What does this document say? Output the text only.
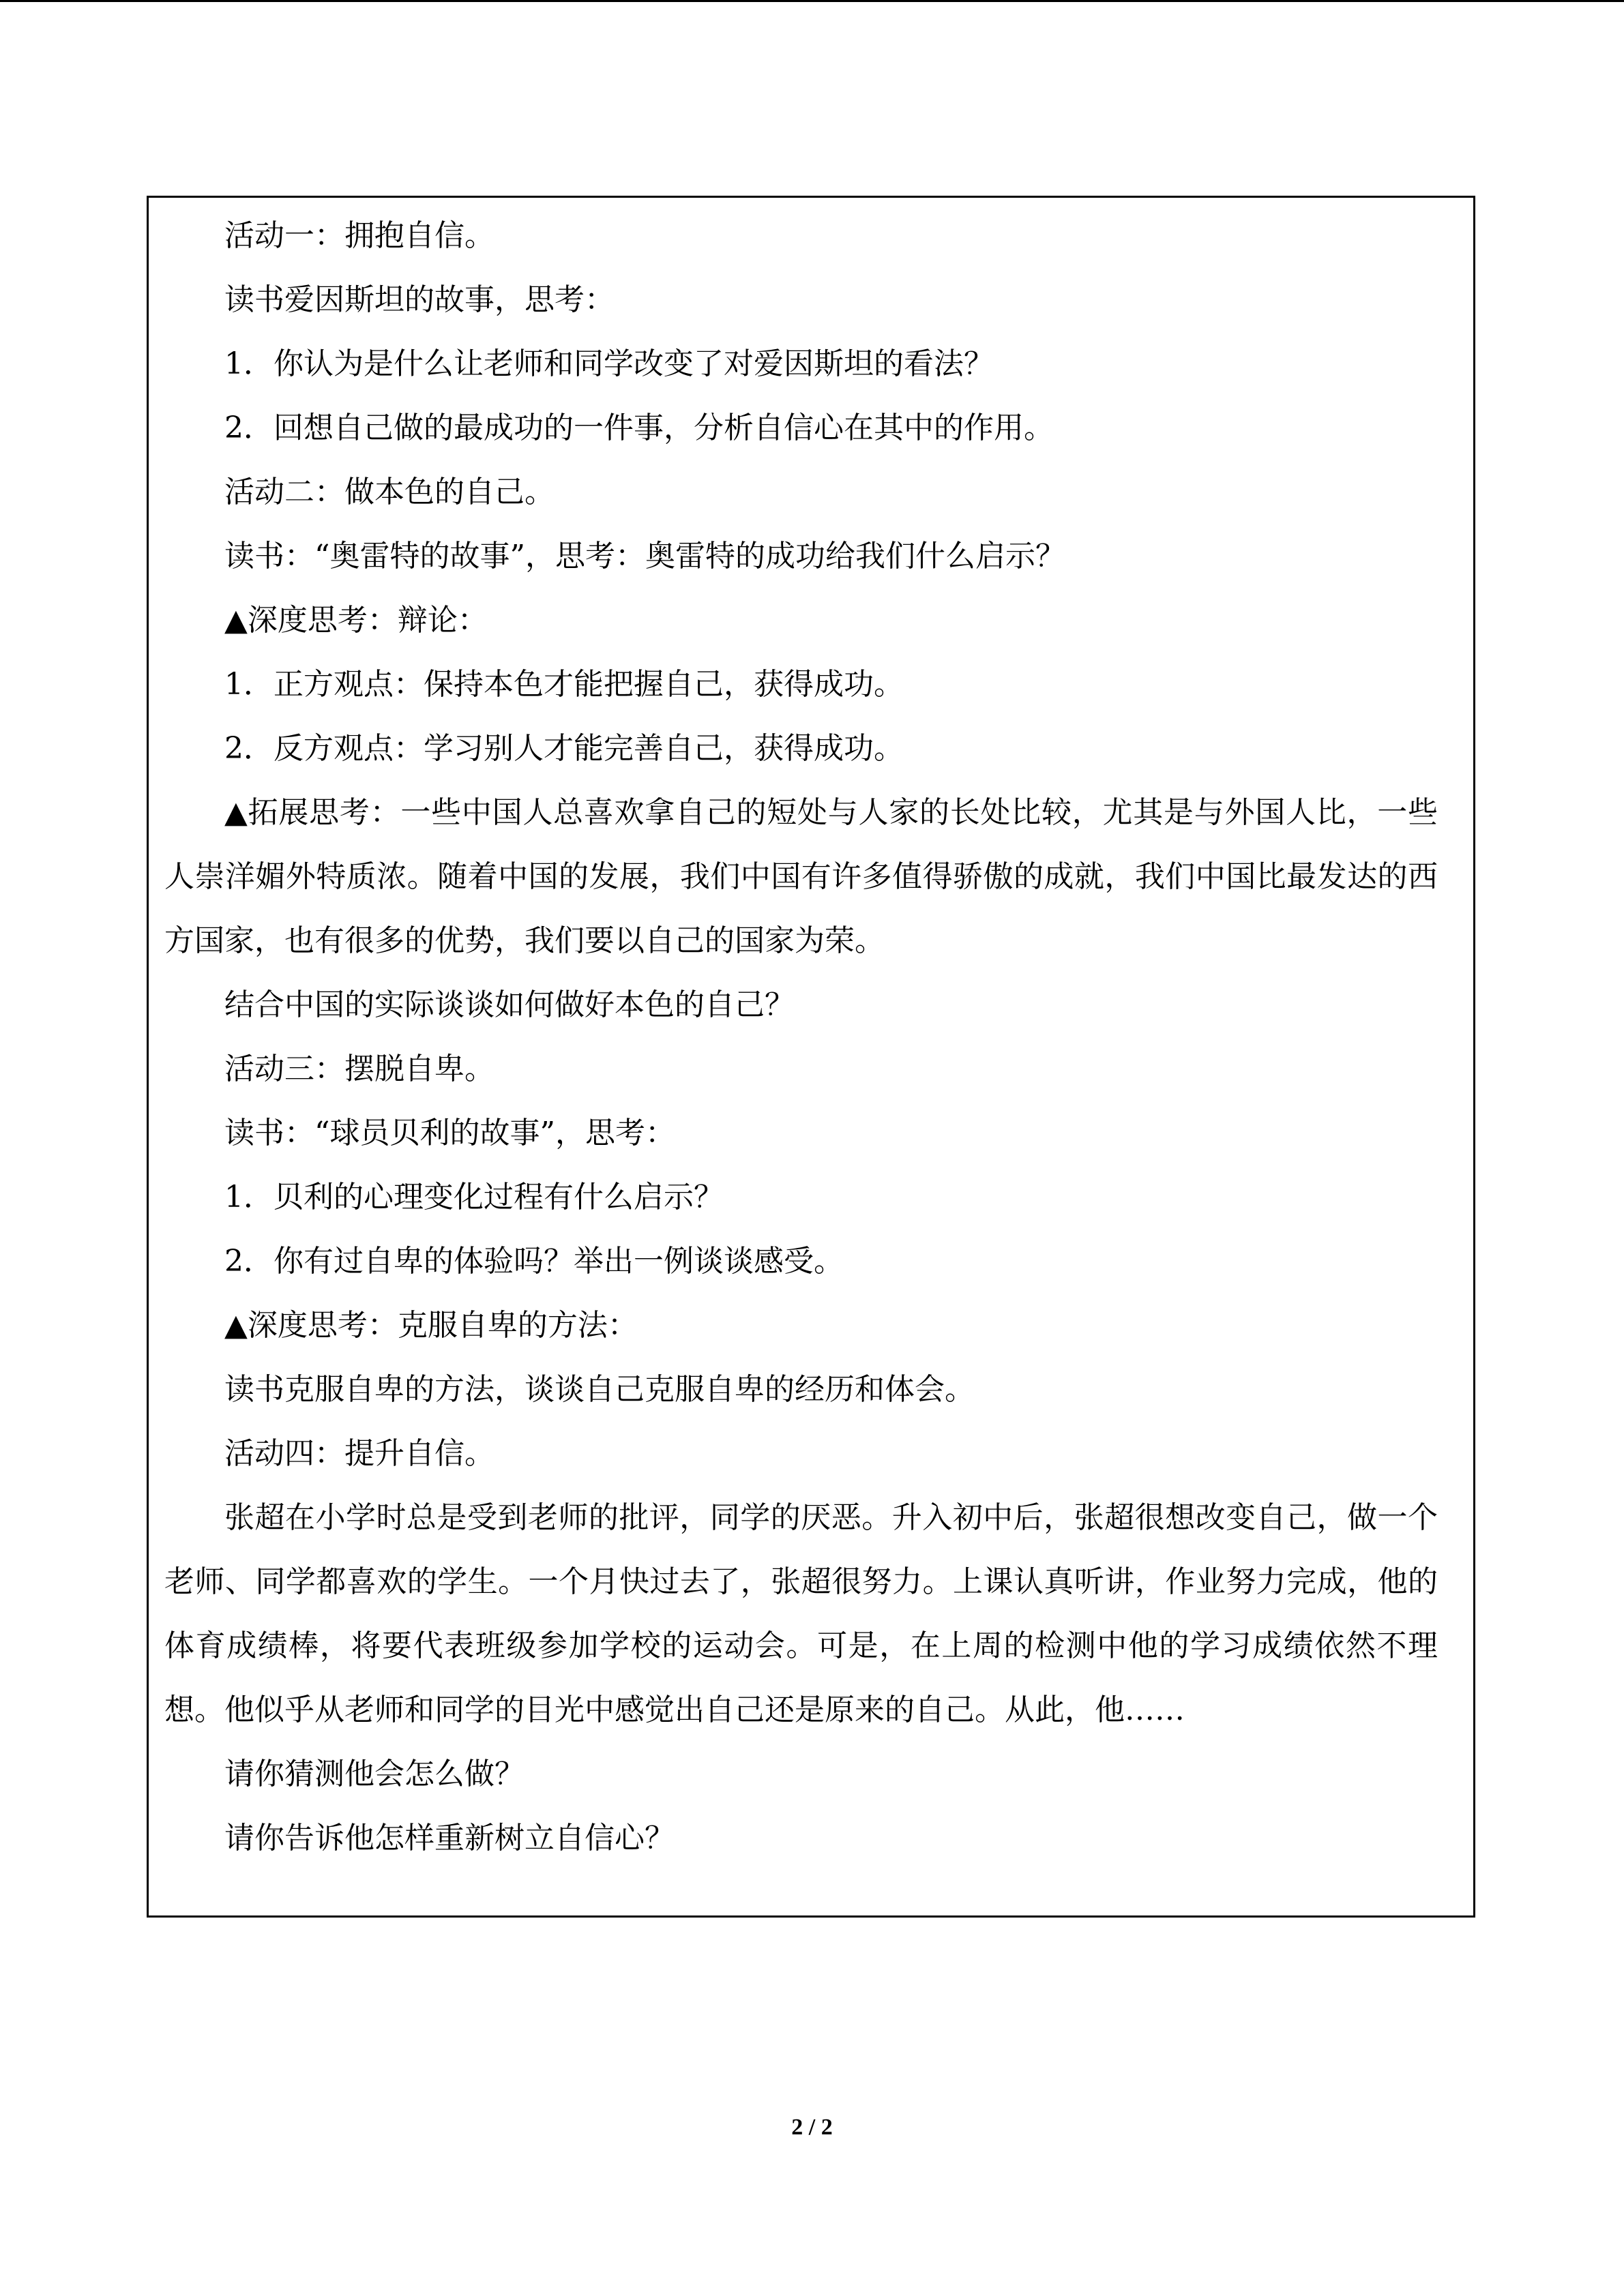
活动一：拥抱自信。

读书爱因斯坦的故事，思考：

1．你认为是什么让老师和同学改变了对爱因斯坦的看法？

2．回想自己做的最成功的一件事，分析自信心在其中的作用。

活动二：做本色的自己。

读书：“奥雷特的故事”，思考：奥雷特的成功给我们什么启示？

▲深度思考：辩论：

1．正方观点：保持本色才能把握自己，获得成功。

2．反方观点：学习别人才能完善自己，获得成功。

▲拓展思考：一些中国人总喜欢拿自己的短处与人家的长处比较，尤其是与外国人比，一些人崇洋媚外特质浓。随着中国的发展，我们中国有许多值得骄傲的成就，我们中国比最发达的西方国家，也有很多的优势，我们要以自己的国家为荣。

结合中国的实际谈谈如何做好本色的自己？

活动三：摆脱自卑。

读书：“球员贝利的故事”，思考：

1．贝利的心理变化过程有什么启示？

2．你有过自卑的体验吗？举出一例谈谈感受。

▲深度思考：克服自卑的方法：

读书克服自卑的方法，谈谈自己克服自卑的经历和体会。

活动四：提升自信。

张超在小学时总是受到老师的批评，同学的厌恶。升入初中后，张超很想改变自己，做一个老师、同学都喜欢的学生。一个月快过去了，张超很努力。上课认真听讲，作业努力完成，他的体育成绩棒，将要代表班级参加学校的运动会。可是，在上周的检测中他的学习成绩依然不理想。他似乎从老师和同学的目光中感觉出自己还是原来的自己。从此，他……

请你猜测他会怎么做？

请你告诉他怎样重新树立自信心？

2 / 2
